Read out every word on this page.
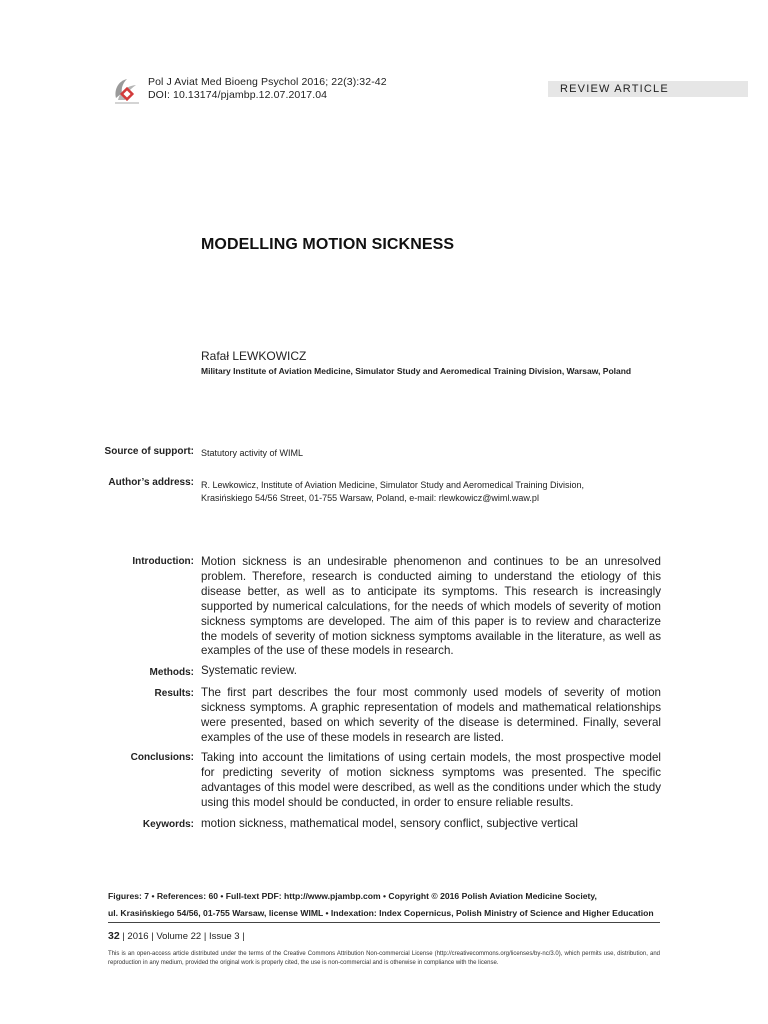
Pol J Aviat Med Bioeng Psychol 2016; 22(3):32-42
DOI: 10.13174/pjambp.12.07.2017.04	REVIEW ARTICLE
MODELLING MOTION SICKNESS
Rafał LEWKOWICZ
Military Institute of Aviation Medicine, Simulator Study and Aeromedical Training Division, Warsaw, Poland
Source of support: Statutory activity of WIML
Author’s address: R. Lewkowicz, Institute of Aviation Medicine, Simulator Study and Aeromedical Training Division,
Krasińskiego 54/56 Street, 01-755 Warsaw, Poland, e-mail: rlewkowicz@wiml.waw.pl
Introduction: Motion sickness is an undesirable phenomenon and continues to be an unresolved problem. Therefore, research is conducted aiming to understand the etiology of this disease better, as well as to anticipate its symptoms. This research is increasingly supported by numerical calculations, for the needs of which models of severity of motion sickness symptoms are developed. The aim of this paper is to review and characterize the models of severity of motion sickness symptoms available in the literature, as well as examples of the use of these models in research.
Methods: Systematic review.
Results: The first part describes the four most commonly used models of severity of motion sickness symptoms. A graphic representation of models and mathematical relationships were presented, based on which severity of the disease is determined. Finally, several examples of the use of these models in research are listed.
Conclusions: Taking into account the limitations of using certain models, the most prospective model for predicting severity of motion sickness symptoms was presented. The specific advantages of this model were described, as well as the conditions under which the study using this model should be conducted, in order to ensure reliable results.
Keywords: motion sickness, mathematical model, sensory conflict, subjective vertical
Figures: 7 • References: 60 • Full-text PDF: http://www.pjambp.com • Copyright © 2016 Polish Aviation Medicine Society,
ul. Krasińskiego 54/56, 01-755 Warsaw, license WIML • Indexation: Index Copernicus, Polish Ministry of Science and Higher Education
32 | 2016 | Volume 22 | Issue 3 |
This is an open-access article distributed under the terms of the Creative Commons Attribution Non-commercial License (http://creativecommons.org/licenses/by-nc/3.0), which permits use, distribution, and reproduction in any medium, provided the original work is properly cited, the use is non-commercial and is otherwise in compliance with the license.
